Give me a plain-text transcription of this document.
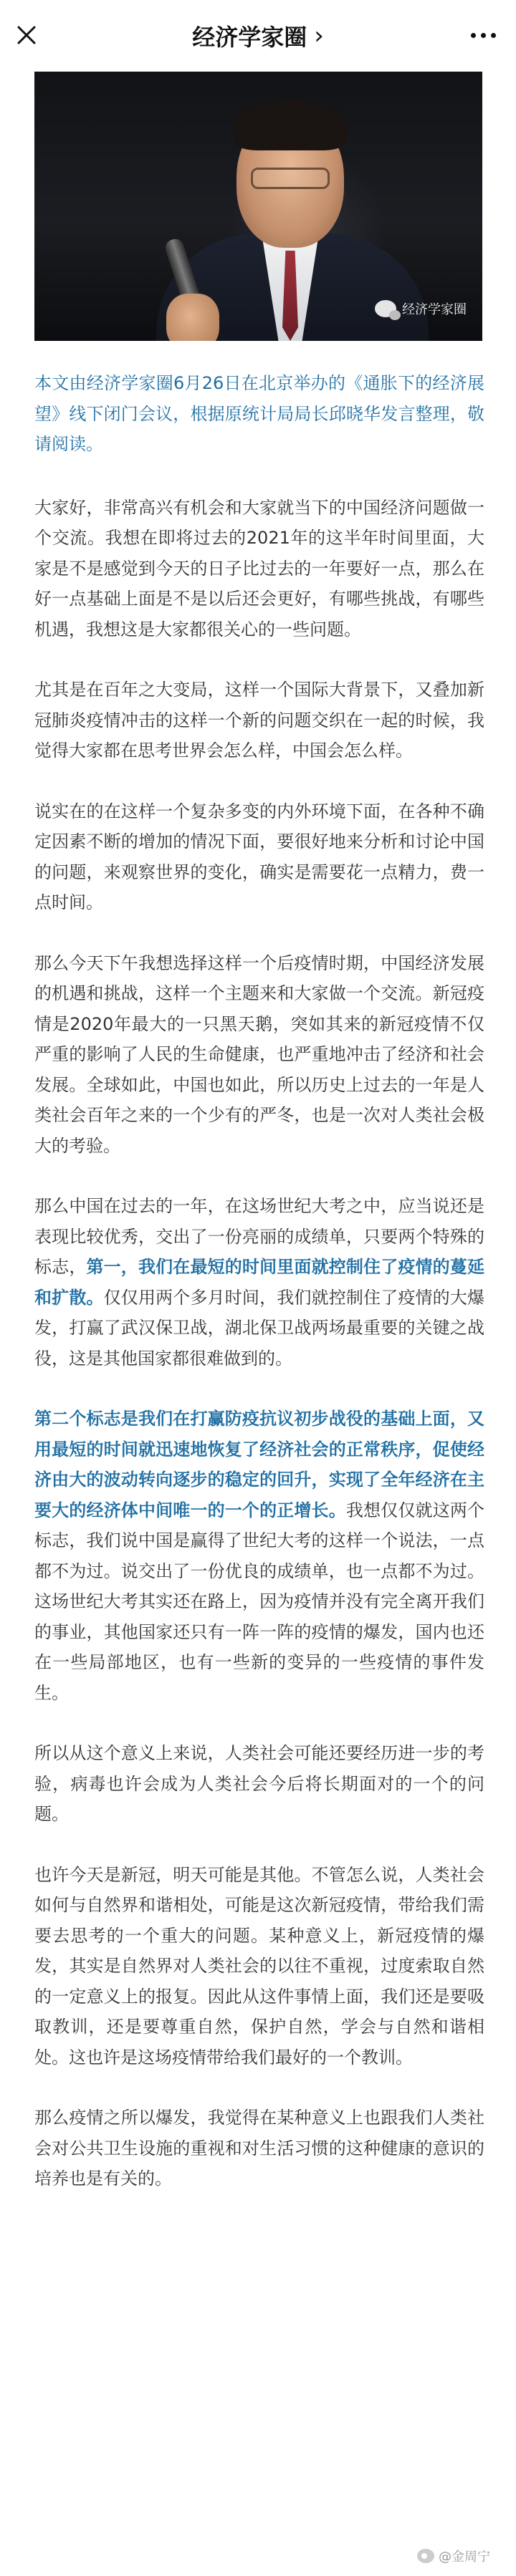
经济学家圈 ›
经济学家圈

本文由经济学家圈6月26日在北京举办的《通胀下的经济展望》线下闭门会议，根据原统计局局长邱晓华发言整理，敬请阅读。

大家好，非常高兴有机会和大家就当下的中国经济问题做一个交流。我想在即将过去的2021年的这半年时间里面，大家是不是感觉到今天的日子比过去的一年要好一点，那么在好一点基础上面是不是以后还会更好，有哪些挑战，有哪些机遇，我想这是大家都很关心的一些问题。

尤其是在百年之大变局，这样一个国际大背景下，又叠加新冠肺炎疫情冲击的这样一个新的问题交织在一起的时候，我觉得大家都在思考世界会怎么样，中国会怎么样。

说实在的在这样一个复杂多变的内外环境下面，在各种不确定因素不断的增加的情况下面，要很好地来分析和讨论中国的问题，来观察世界的变化，确实是需要花一点精力，费一点时间。

那么今天下午我想选择这样一个后疫情时期，中国经济发展的机遇和挑战，这样一个主题来和大家做一个交流。新冠疫情是2020年最大的一只黑天鹅，突如其来的新冠疫情不仅严重的影响了人民的生命健康，也严重地冲击了经济和社会发展。全球如此，中国也如此，所以历史上过去的一年是人类社会百年之来的一个少有的严冬，也是一次对人类社会极大的考验。

那么中国在过去的一年，在这场世纪大考之中，应当说还是表现比较优秀，交出了一份亮丽的成绩单，只要两个特殊的标志，第一，我们在最短的时间里面就控制住了疫情的蔓延和扩散。仅仅用两个多月时间，我们就控制住了疫情的大爆发，打赢了武汉保卫战，湖北保卫战两场最重要的关键之战役，这是其他国家都很难做到的。

第二个标志是我们在打赢防疫抗议初步战役的基础上面，又用最短的时间就迅速地恢复了经济社会的正常秩序，促使经济由大的波动转向逐步的稳定的回升，实现了全年经济在主要大的经济体中间唯一的一个的正增长。我想仅仅就这两个标志，我们说中国是赢得了世纪大考的这样一个说法，一点都不为过。说交出了一份优良的成绩单，也一点都不为过。这场世纪大考其实还在路上，因为疫情并没有完全离开我们的事业，其他国家还只有一阵一阵的疫情的爆发，国内也还在一些局部地区，也有一些新的变异的一些疫情的事件发生。

所以从这个意义上来说，人类社会可能还要经历进一步的考验，病毒也许会成为人类社会今后将长期面对的一个的问题。

也许今天是新冠，明天可能是其他。不管怎么说，人类社会如何与自然界和谐相处，可能是这次新冠疫情，带给我们需要去思考的一个重大的问题。某种意义上，新冠疫情的爆发，其实是自然界对人类社会的以往不重视，过度索取自然的一定意义上的报复。因此从这件事情上面，我们还是要吸取教训，还是要尊重自然，保护自然，学会与自然和谐相处。这也许是这场疫情带给我们最好的一个教训。

那么疫情之所以爆发，我觉得在某种意义上也跟我们人类社会对公共卫生设施的重视和对生活习惯的这种健康的意识的培养也是有关的。

@金周宁
